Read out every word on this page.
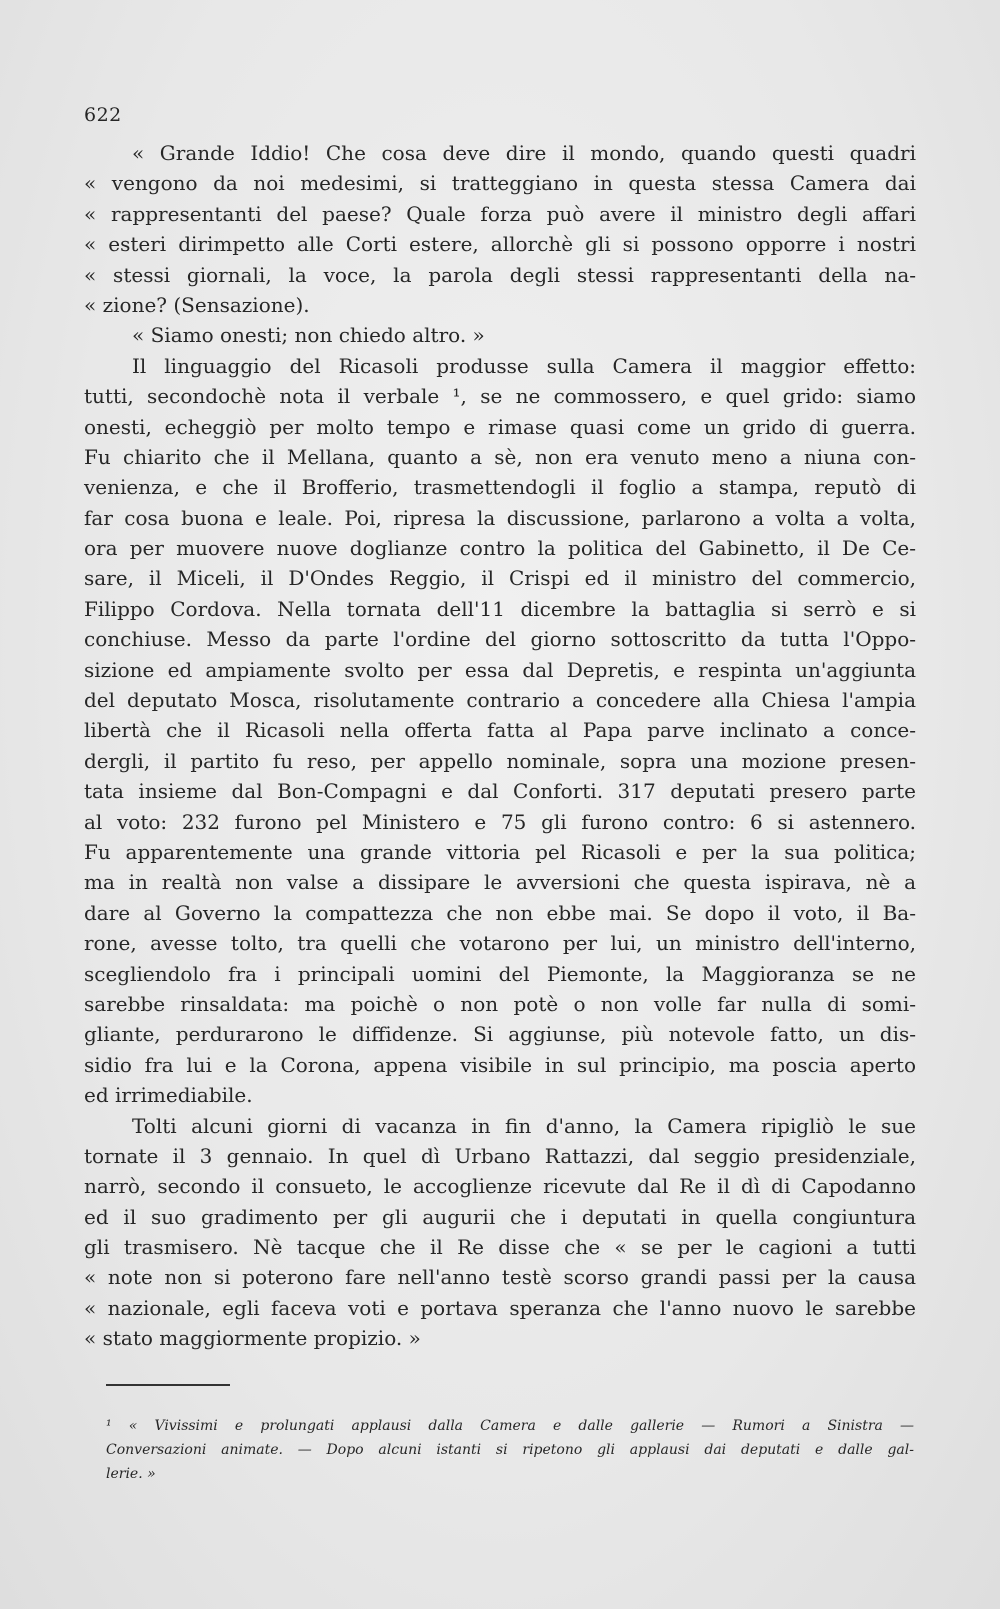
622
« Grande Iddio! Che cosa deve dire il mondo, quando questi quadri
« vengono da noi medesimi, si tratteggiano in questa stessa Camera dai
« rappresentanti del paese? Quale forza può avere il ministro degli affari
« esteri dirimpetto alle Corti estere, allorchè gli si possono opporre i nostri
« stessi giornali, la voce, la parola degli stessi rappresentanti della na-
« zione? (Sensazione).
« Siamo onesti; non chiedo altro. »
Il linguaggio del Ricasoli produsse sulla Camera il maggior effetto:
tutti, secondochè nota il verbale ¹, se ne commossero, e quel grido: siamo
onesti, echeggiò per molto tempo e rimase quasi come un grido di guerra.
Fu chiarito che il Mellana, quanto a sè, non era venuto meno a niuna con-
venienza, e che il Brofferio, trasmettendogli il foglio a stampa, reputò di
far cosa buona e leale. Poi, ripresa la discussione, parlarono a volta a volta,
ora per muovere nuove doglianze contro la politica del Gabinetto, il De Ce-
sare, il Miceli, il D'Ondes Reggio, il Crispi ed il ministro del commercio,
Filippo Cordova. Nella tornata dell'11 dicembre la battaglia si serrò e si
conchiuse. Messo da parte l'ordine del giorno sottoscritto da tutta l'Oppo-
sizione ed ampiamente svolto per essa dal Depretis, e respinta un'aggiunta
del deputato Mosca, risolutamente contrario a concedere alla Chiesa l'ampia
libertà che il Ricasoli nella offerta fatta al Papa parve inclinato a conce-
dergli, il partito fu reso, per appello nominale, sopra una mozione presen-
tata insieme dal Bon-Compagni e dal Conforti. 317 deputati presero parte
al voto: 232 furono pel Ministero e 75 gli furono contro: 6 si astennero.
Fu apparentemente una grande vittoria pel Ricasoli e per la sua politica;
ma in realtà non valse a dissipare le avversioni che questa ispirava, nè a
dare al Governo la compattezza che non ebbe mai. Se dopo il voto, il Ba-
rone, avesse tolto, tra quelli che votarono per lui, un ministro dell'interno,
scegliendolo fra i principali uomini del Piemonte, la Maggioranza se ne
sarebbe rinsaldata: ma poichè o non potè o non volle far nulla di somi-
gliante, perdurarono le diffidenze. Si aggiunse, più notevole fatto, un dis-
sidio fra lui e la Corona, appena visibile in sul principio, ma poscia aperto
ed irrimediabile.
Tolti alcuni giorni di vacanza in fin d'anno, la Camera ripigliò le sue
tornate il 3 gennaio. In quel dì Urbano Rattazzi, dal seggio presidenziale,
narrò, secondo il consueto, le accoglienze ricevute dal Re il dì di Capodanno
ed il suo gradimento per gli augurii che i deputati in quella congiuntura
gli trasmisero. Nè tacque che il Re disse che « se per le cagioni a tutti
« note non si poterono fare nell'anno testè scorso grandi passi per la causa
« nazionale, egli faceva voti e portava speranza che l'anno nuovo le sarebbe
« stato maggiormente propizio. »
¹ « Vivissimi e prolungati applausi dalla Camera e dalle gallerie — Rumori a Sinistra —
Conversazioni animate. — Dopo alcuni istanti si ripetono gli applausi dai deputati e dalle gal-
lerie. »
